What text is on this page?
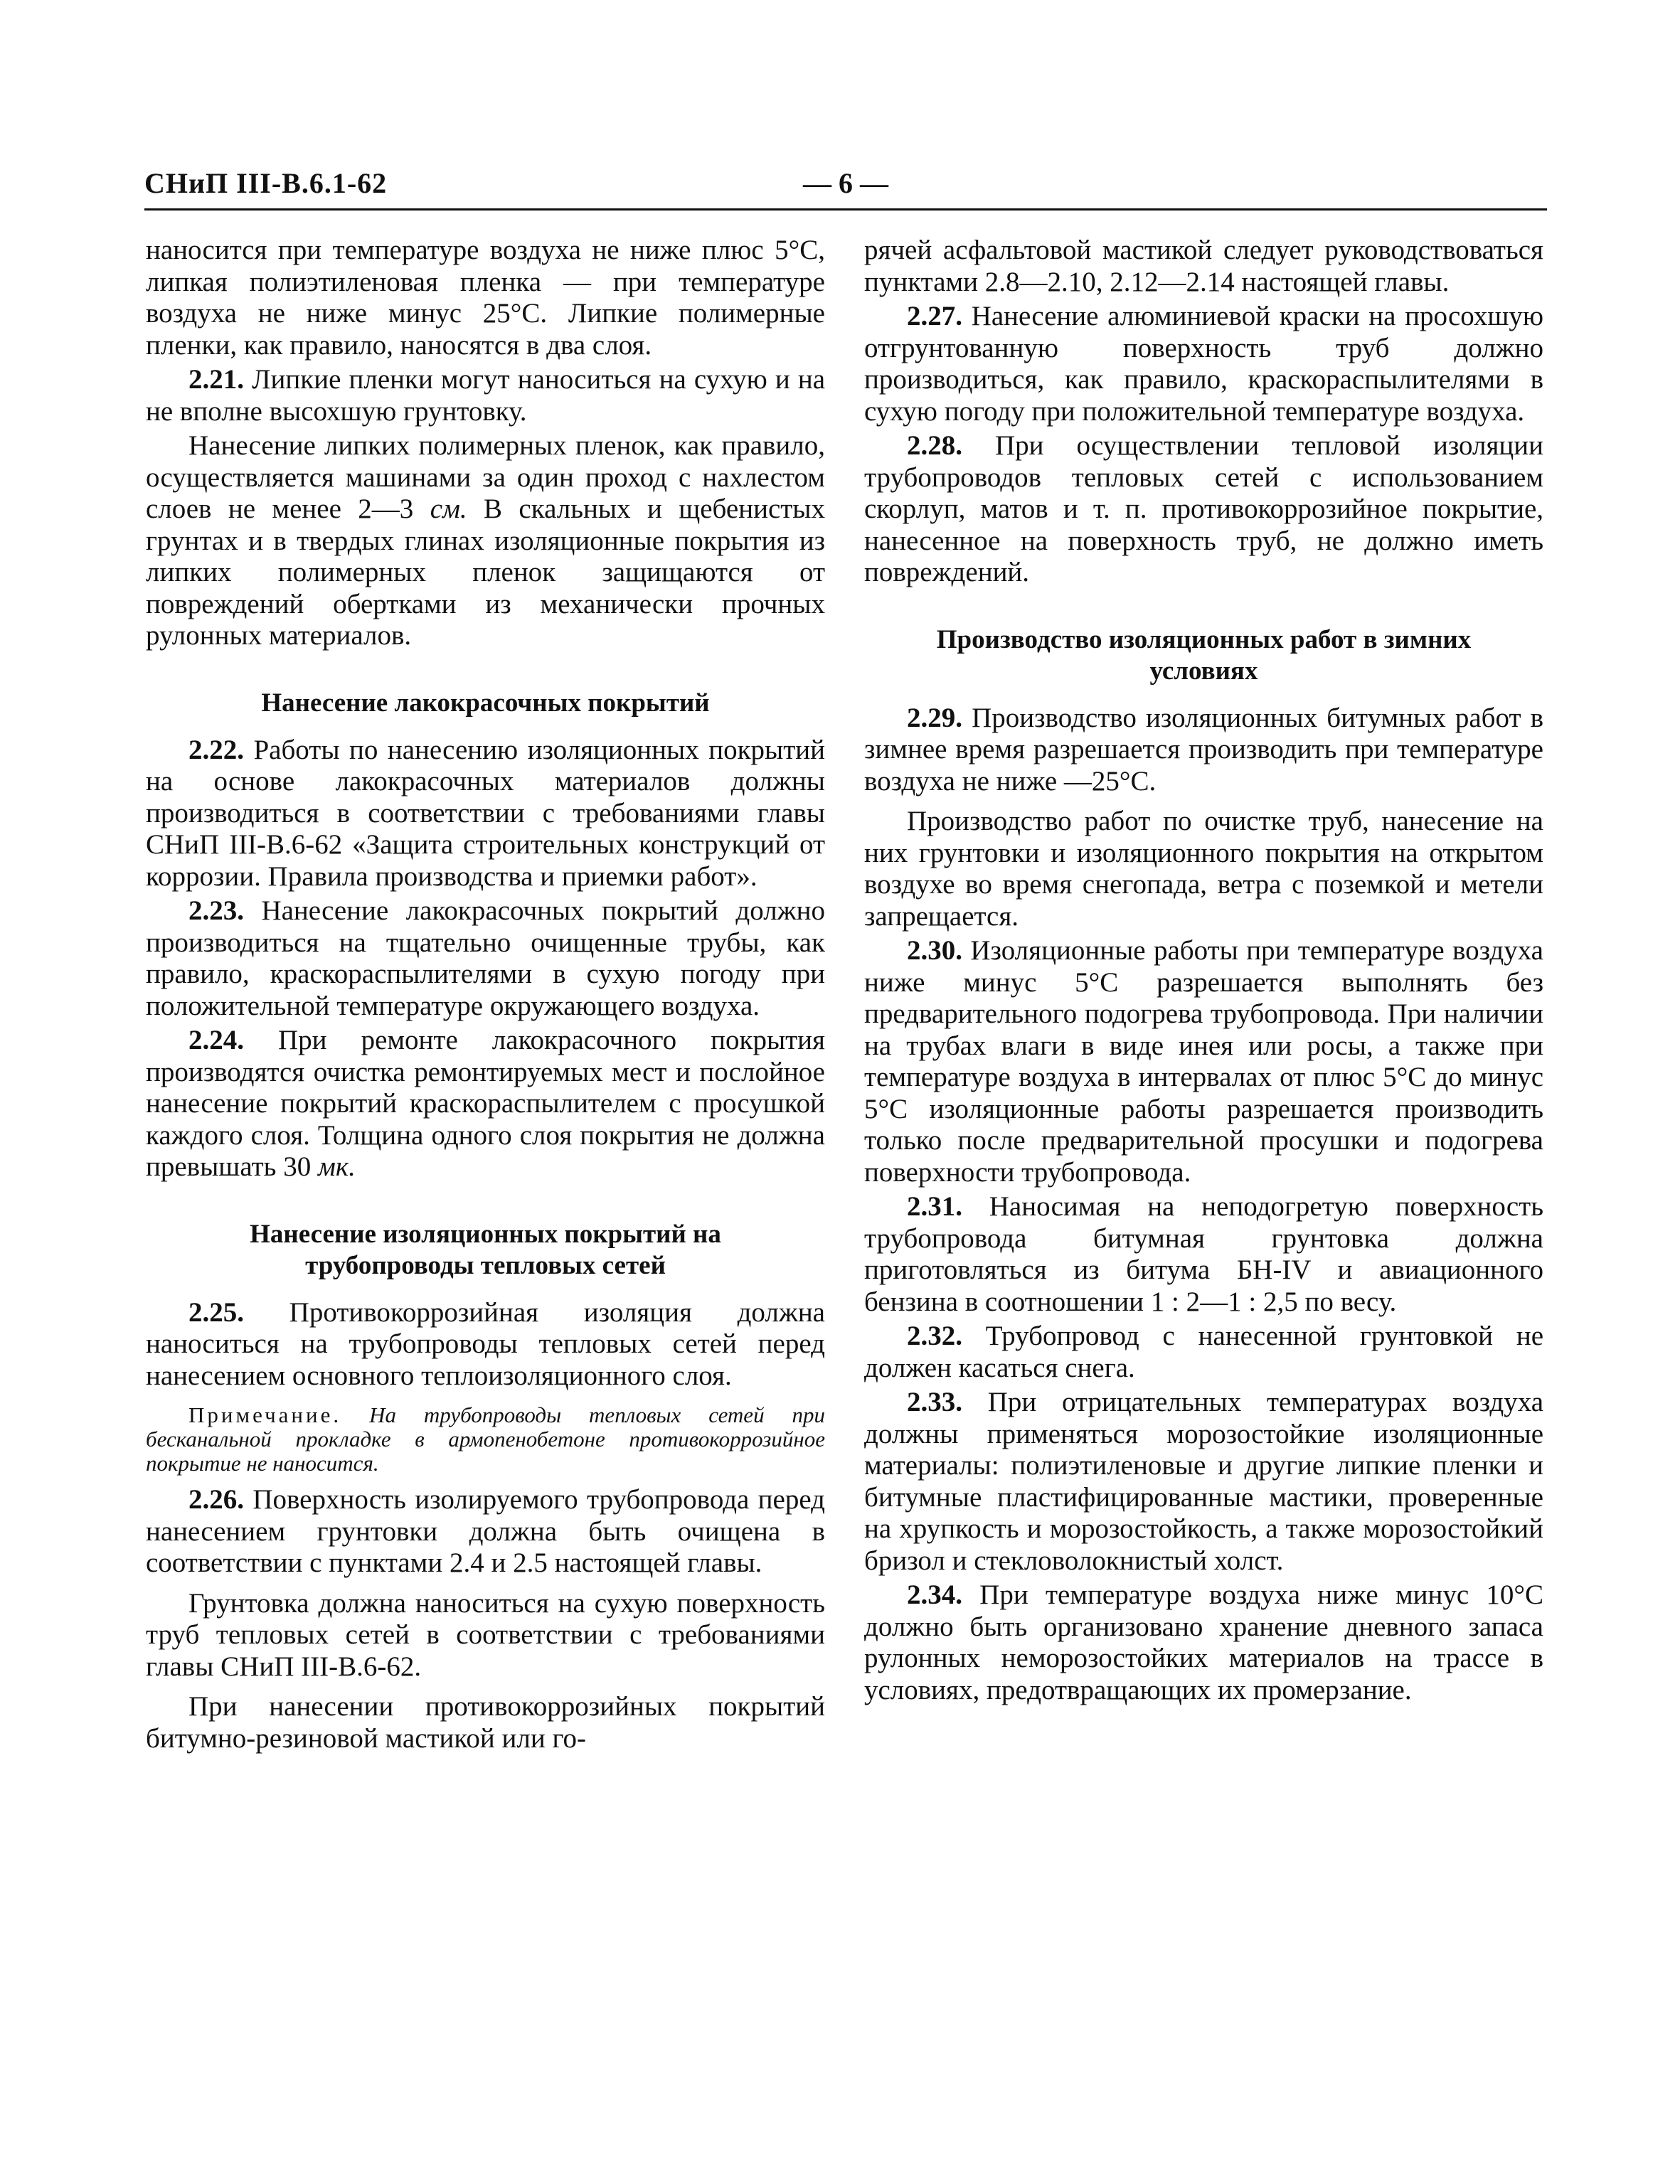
— 6 —
СНиП III-В.6.1-62

наносится при температуре воздуха не ниже плюс 5°С, липкая полиэтиленовая пленка — при температуре воздуха не ниже минус 25°С. Липкие полимерные пленки, как правило, наносятся в два слоя.

2.21. Липкие пленки могут наноситься на сухую и на не вполне высохшую грунтовку.

Нанесение липких полимерных пленок, как правило, осуществляется машинами за один проход с нахлестом слоев не менее 2—3 см. В скальных и щебенистых грунтах и в твердых глинах изоляционные покрытия из липких полимерных пленок защищаются от повреждений обертками из механически прочных рулонных материалов.

Нанесение лакокрасочных покрытий

2.22. Работы по нанесению изоляционных покрытий на основе лакокрасочных материалов должны производиться в соответствии с требованиями главы СНиП III-В.6-62 «Защита строительных конструкций от коррозии. Правила производства и приемки работ».

2.23. Нанесение лакокрасочных покрытий должно производиться на тщательно очищенные трубы, как правило, краскораспылителями в сухую погоду при положительной температуре окружающего воздуха.

2.24. При ремонте лакокрасочного покрытия производятся очистка ремонтируемых мест и послойное нанесение покрытий краскораспылителем с просушкой каждого слоя. Толщина одного слоя покрытия не должна превышать 30 мк.

Нанесение изоляционных покрытий на трубопроводы тепловых сетей

2.25. Противокоррозийная изоляция должна наноситься на трубопроводы тепловых сетей перед нанесением основного теплоизоляционного слоя.

Примечание. На трубопроводы тепловых сетей при бесканальной прокладке в армопенобетоне противокоррозийное покрытие не наносится.

2.26. Поверхность изолируемого трубопровода перед нанесением грунтовки должна быть очищена в соответствии с пунктами 2.4 и 2.5 настоящей главы.

Грунтовка должна наноситься на сухую поверхность труб тепловых сетей в соответствии с требованиями главы СНиП III-В.6-62.

При нанесении противокоррозийных покрытий битумно-резиновой мастикой или го-

рячей асфальтовой мастикой следует руководствоваться пунктами 2.8—2.10, 2.12—2.14 настоящей главы.

2.27. Нанесение алюминиевой краски на просохшую отгрунтованную поверхность труб должно производиться, как правило, краскораспылителями в сухую погоду при положительной температуре воздуха.

2.28. При осуществлении тепловой изоляции трубопроводов тепловых сетей с использованием скорлуп, матов и т. п. противокоррозийное покрытие, нанесенное на поверхность труб, не должно иметь повреждений.

Производство изоляционных работ в зимних условиях

2.29. Производство изоляционных битумных работ в зимнее время разрешается производить при температуре воздуха не ниже —25°С.

Производство работ по очистке труб, нанесение на них грунтовки и изоляционного покрытия на открытом воздухе во время снегопада, ветра с поземкой и метели запрещается.

2.30. Изоляционные работы при температуре воздуха ниже минус 5°С разрешается выполнять без предварительного подогрева трубопровода. При наличии на трубах влаги в виде инея или росы, а также при температуре воздуха в интервалах от плюс 5°С до минус 5°С изоляционные работы разрешается производить только после предварительной просушки и подогрева поверхности трубопровода.

2.31. Наносимая на неподогретую поверхность трубопровода битумная грунтовка должна приготовляться из битума БН-IV и авиационного бензина в соотношении 1 : 2—1 : 2,5 по весу.

2.32. Трубопровод с нанесенной грунтовкой не должен касаться снега.

2.33. При отрицательных температурах воздуха должны применяться морозостойкие изоляционные материалы: полиэтиленовые и другие липкие пленки и битумные пластифицированные мастики, проверенные на хрупкость и морозостойкость, а также морозостойкий бризол и стекловолокнистый холст.

2.34. При температуре воздуха ниже минус 10°С должно быть организовано хранение дневного запаса рулонных неморозостойких материалов на трассе в условиях, предотвращающих их промерзание.
